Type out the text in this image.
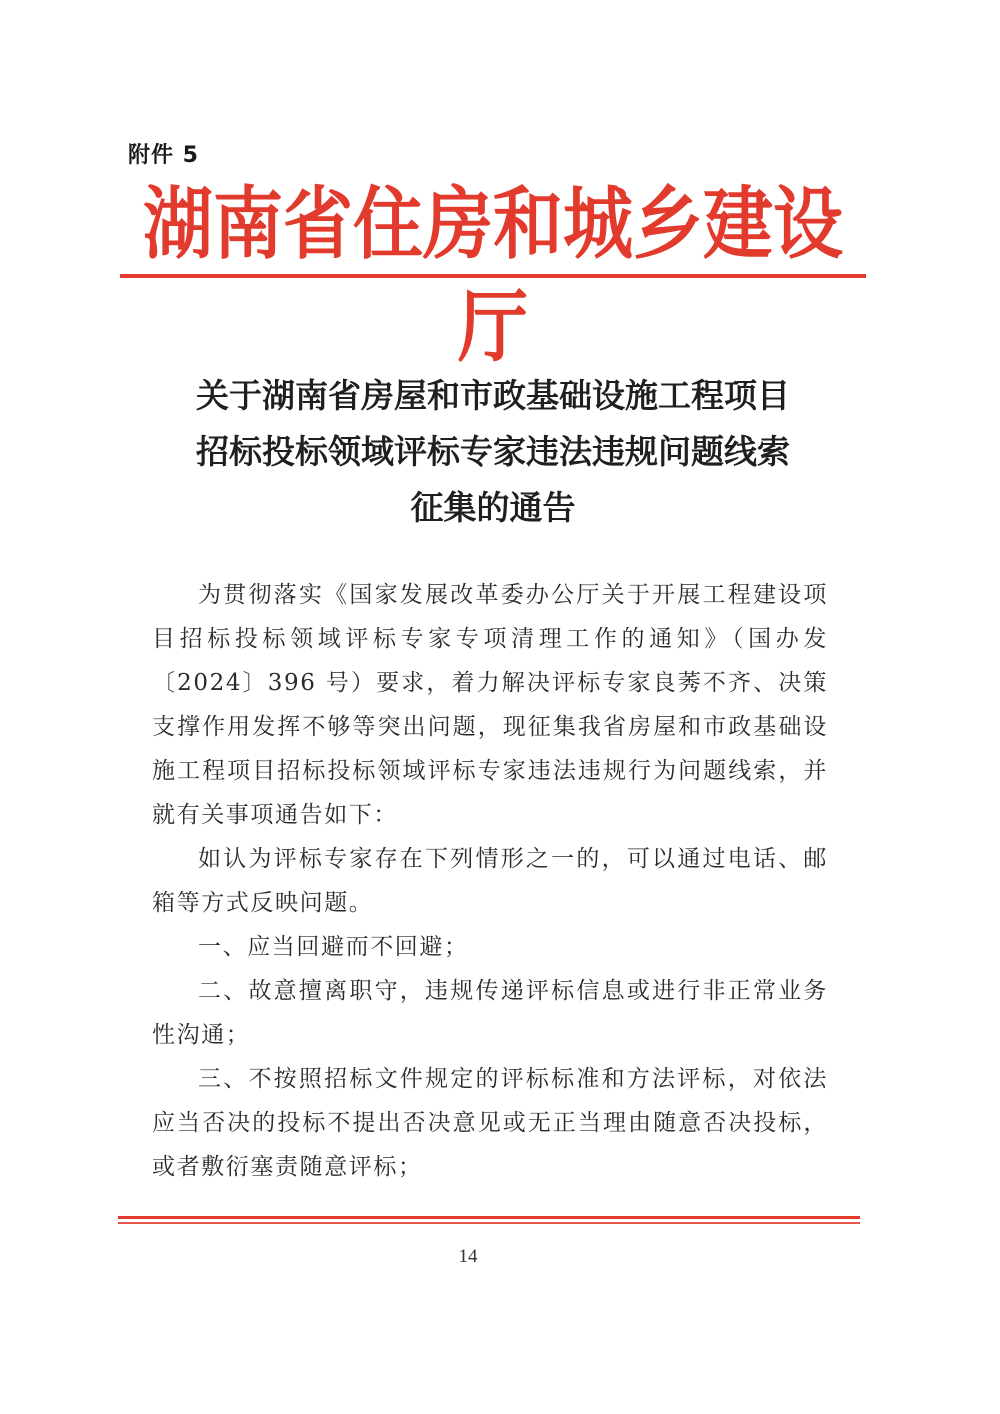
附件 5
湖南省住房和城乡建设厅
关于湖南省房屋和市政基础设施工程项目
招标投标领域评标专家违法违规问题线索
征集的通告

为贯彻落实《国家发展改革委办公厅关于开展工程建设项目招标投标领域评标专家专项清理工作的通知》（国办发〔2024〕396 号）要求，着力解决评标专家良莠不齐、决策支撑作用发挥不够等突出问题，现征集我省房屋和市政基础设施工程项目招标投标领域评标专家违法违规行为问题线索，并就有关事项通告如下：

如认为评标专家存在下列情形之一的，可以通过电话、邮箱等方式反映问题。

一、应当回避而不回避；

二、故意擅离职守，违规传递评标信息或进行非正常业务性沟通；

三、不按照招标文件规定的评标标准和方法评标，对依法应当否决的投标不提出否决意见或无正当理由随意否决投标，或者敷衍塞责随意评标；

14
